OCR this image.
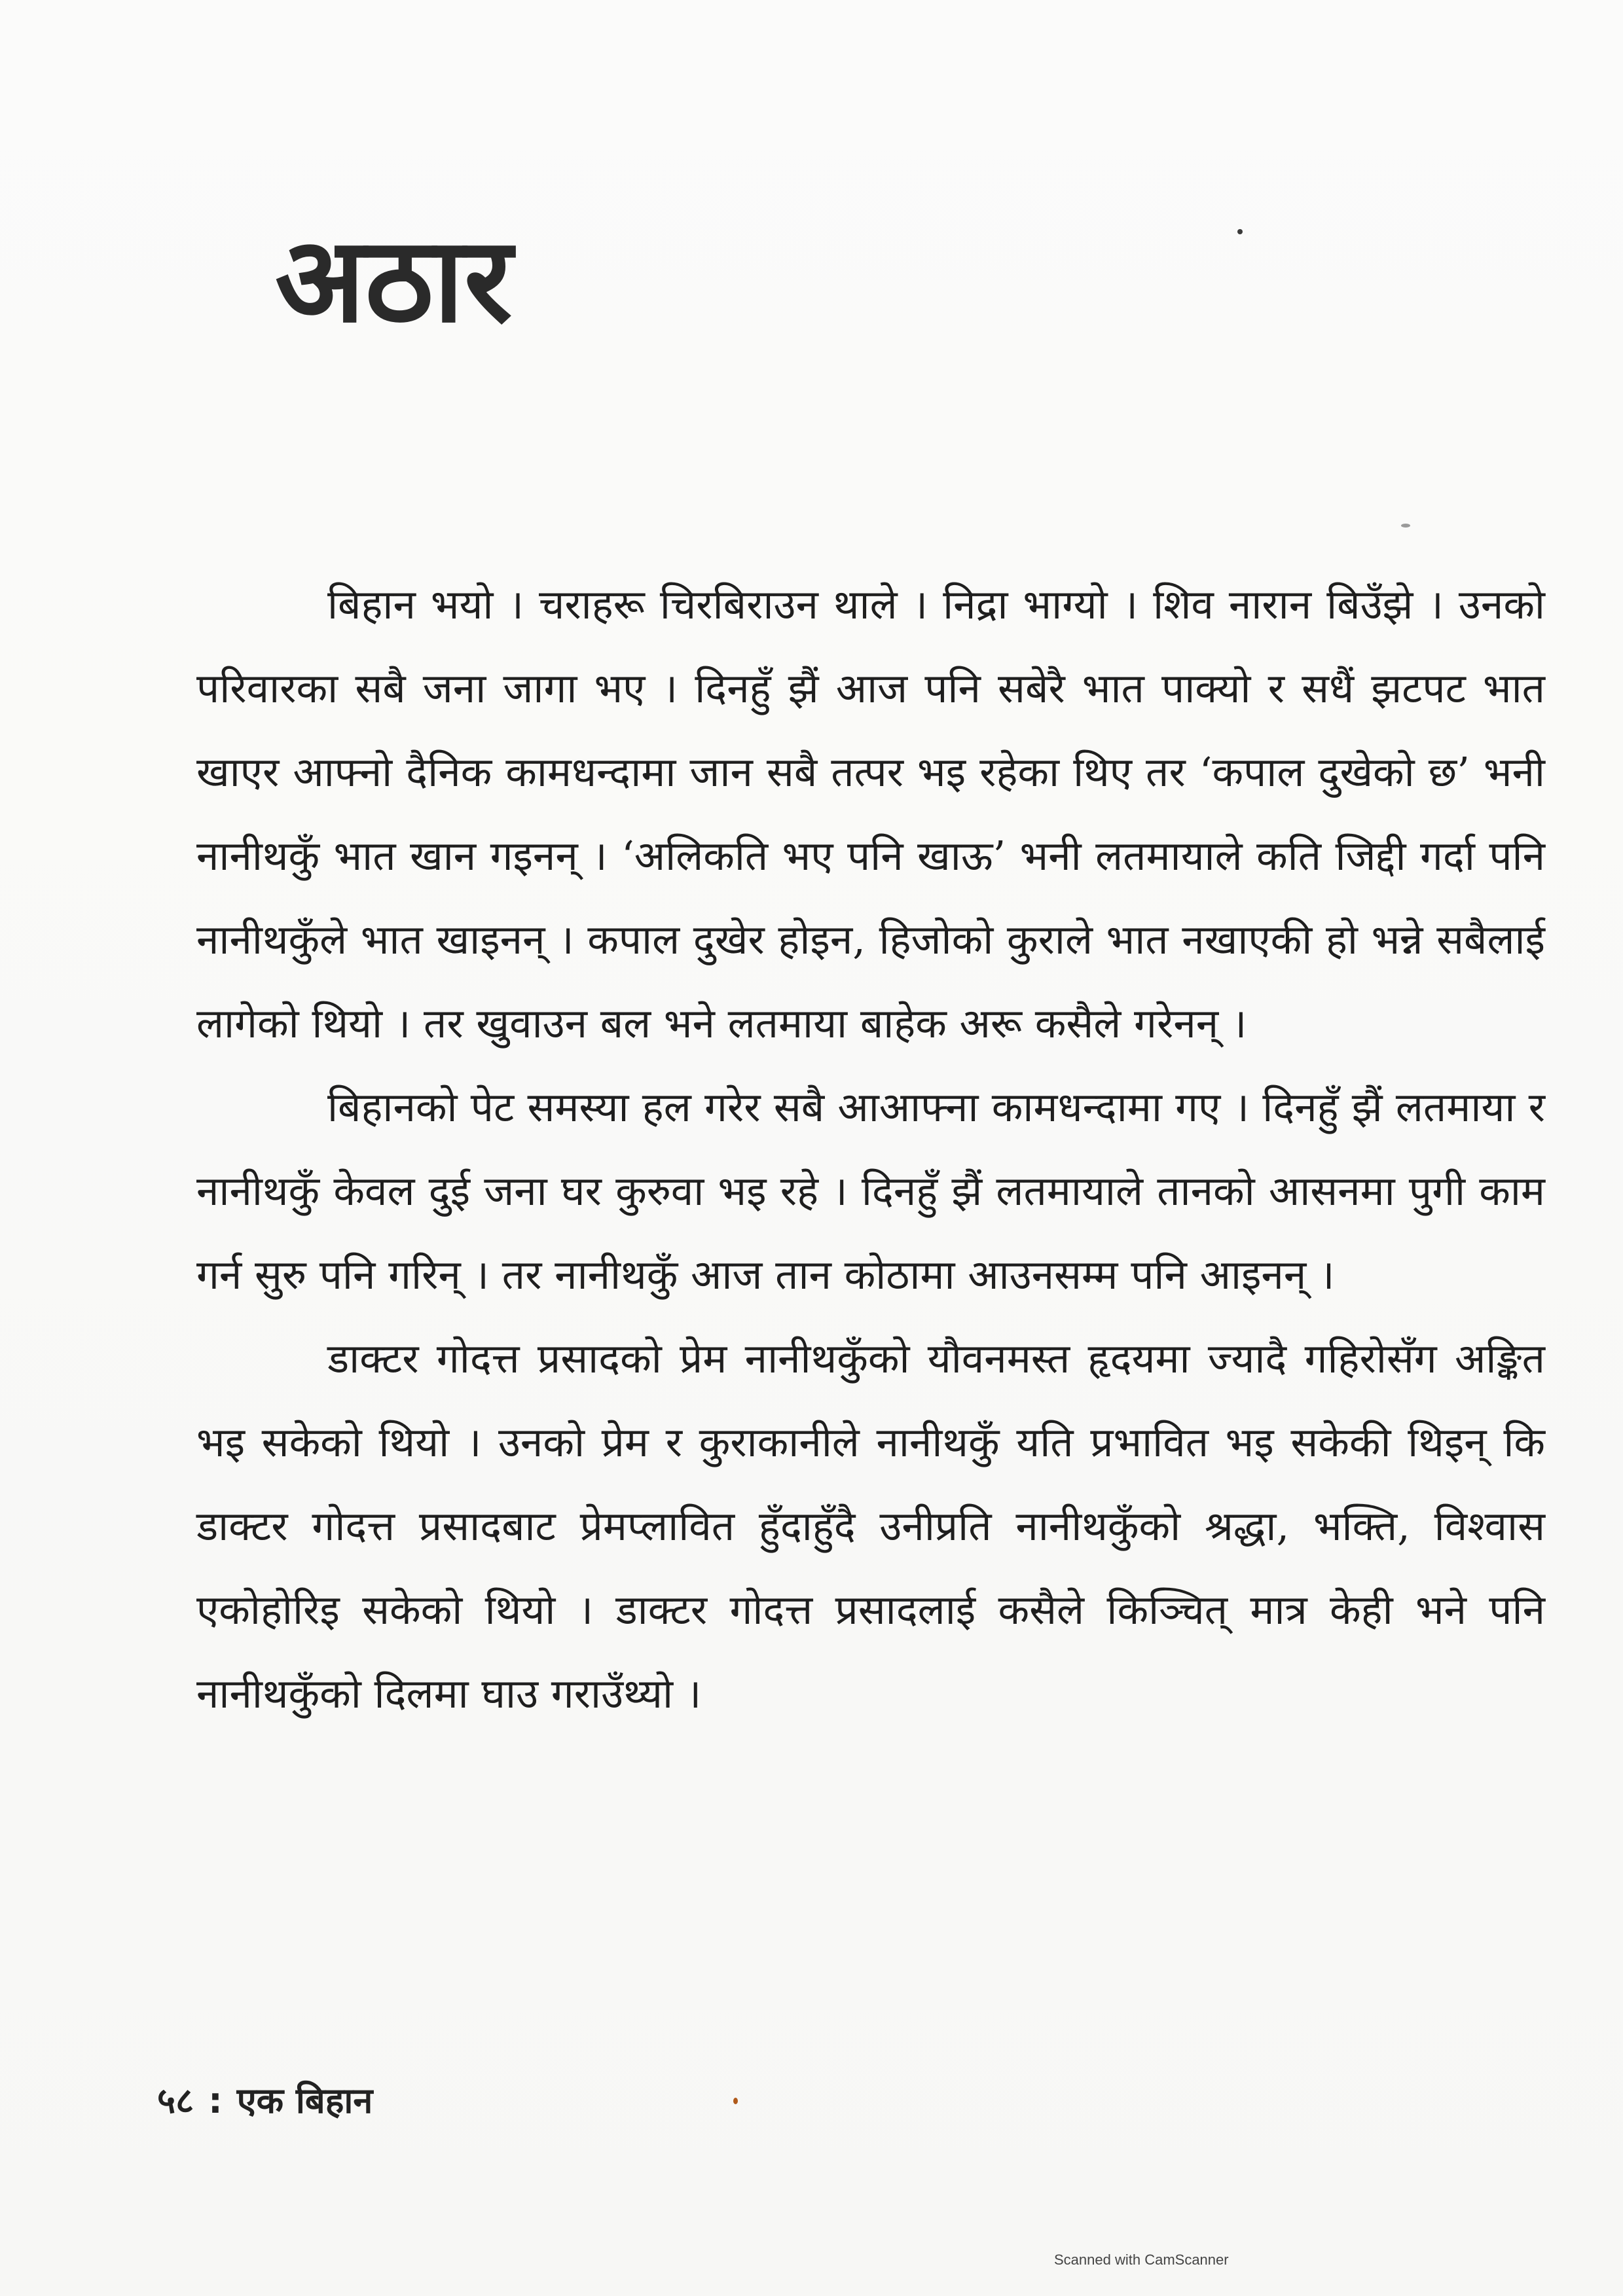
अठार

बिहान भयो । चराहरू चिरबिराउन थाले । निद्रा भाग्यो । शिव नारान बिउँझे । उनको परिवारका सबै जना जागा भए । दिनहुँ झैं आज पनि सबेरै भात पाक्यो र सधैं झटपट भात खाएर आफ्नो दैनिक कामधन्दामा जान सबै तत्पर भइ रहेका थिए तर ‘कपाल दुखेको छ’ भनी नानीथकुँ भात खान गइनन् । ‘अलिकति भए पनि खाऊ’ भनी लतमायाले कति जिद्दी गर्दा पनि नानीथकुँले भात खाइनन् । कपाल दुखेर होइन, हिजोको कुराले भात नखाएकी हो भन्ने सबैलाई लागेको थियो । तर खुवाउन बल भने लतमाया बाहेक अरू कसैले गरेनन् ।

बिहानको पेट समस्या हल गरेर सबै आआफ्ना कामधन्दामा गए । दिनहुँ झैं लतमाया र नानीथकुँ केवल दुई जना घर कुरुवा भइ रहे । दिनहुँ झैं लतमायाले तानको आसनमा पुगी काम गर्न सुरु पनि गरिन् । तर नानीथकुँ आज तान कोठामा आउनसम्म पनि आइनन् ।

डाक्टर गोदत्त प्रसादको प्रेम नानीथकुँको यौवनमस्त हृदयमा ज्यादै गहिरोसँग अङ्कित भइ सकेको थियो । उनको प्रेम र कुराकानीले नानीथकुँ यति प्रभावित भइ सकेकी थिइन् कि डाक्टर गोदत्त प्रसादबाट प्रेमप्लावित हुँदाहुँदै उनीप्रति नानीथकुँको श्रद्धा, भक्ति, विश्वास एकोहोरिइ सकेको थियो । डाक्टर गोदत्त प्रसादलाई कसैले किञ्चित् मात्र केही भने पनि नानीथकुँको दिलमा घाउ गराउँथ्यो ।

५८ : एक बिहान
Scanned with CamScanner
